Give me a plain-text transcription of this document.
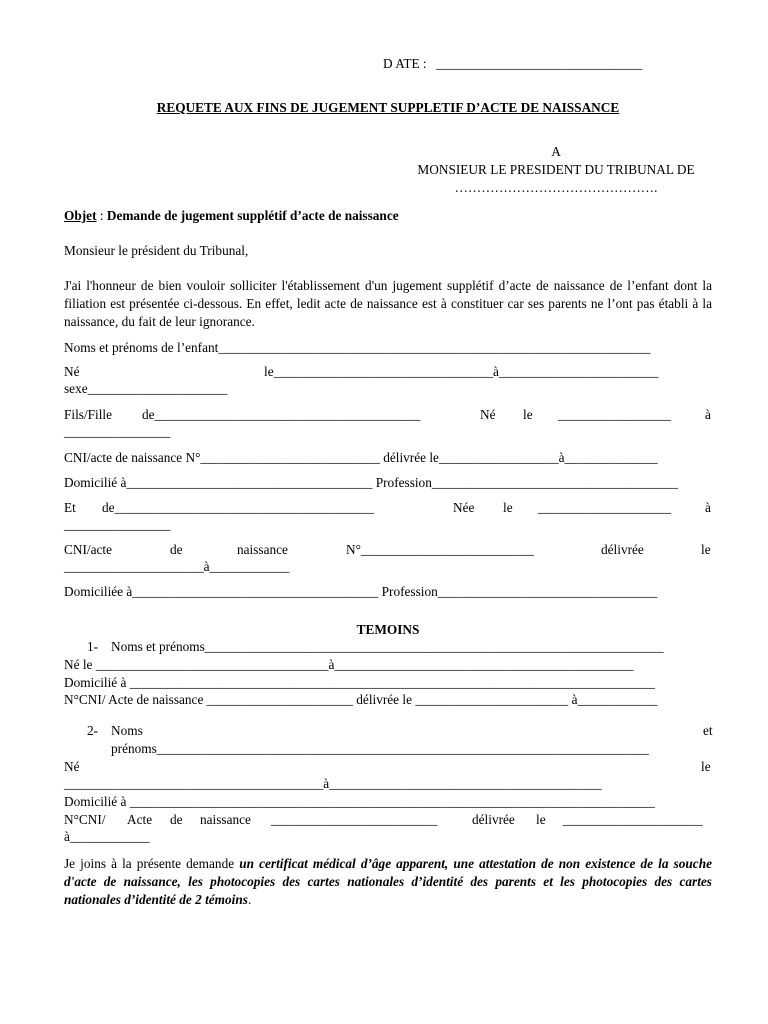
D ATE : _______________________________
REQUETE AUX FINS DE JUGEMENT SUPPLETIF D’ACTE DE NAISSANCE
A
MONSIEUR LE PRESIDENT DU TRIBUNAL DE
……………………………………….
Objet : Demande de jugement supplétif d’acte de naissance
Monsieur le président du Tribunal,
J'ai l'honneur de bien vouloir solliciter l'établissement d'un jugement supplétif d’acte de naissance de l’enfant dont la filiation est présentée ci-dessous. En effet, ledit acte de naissance est à constituer car ses parents ne l’ont pas établi à la naissance, du fait de leur ignorance.
Noms et prénoms de l’enfant_________________________________________________________________
Né	le_________________________________à________________________
sexe_____________________
Fils/Fille de________________________________________	Né le _________________	à
________________
CNI/acte de naissance N°___________________________ délivrée le__________________à______________
Domicilié à_____________________________________ Profession_____________________________________
Et de_______________________________________	Née le ____________________	à
________________
CNI/acte	de	naissance	N°__________________________	délivrée	le
_____________________à____________
Domiciliée à_____________________________________ Profession_________________________________
TEMOINS
1- Noms et prénoms_____________________________________________________________________
Né le ___________________________________à_____________________________________________
Domicilié à _______________________________________________________________________________
N°CNI/ Acte de naissance ______________________ délivrée le _______________________ à____________
2- Noms	et
prénoms__________________________________________________________________________
Né	le
_______________________________________à_________________________________________
Domicilié à _______________________________________________________________________________
N°CNI/ Acte de naissance _________________________	délivrée le _____________________
à____________
Je joins à la présente demande un certificat médical d’âge apparent, une attestation de non existence de la souche d'acte de naissance, les photocopies des cartes nationales d’identité des parents et les photocopies des cartes nationales d’identité de 2 témoins.
